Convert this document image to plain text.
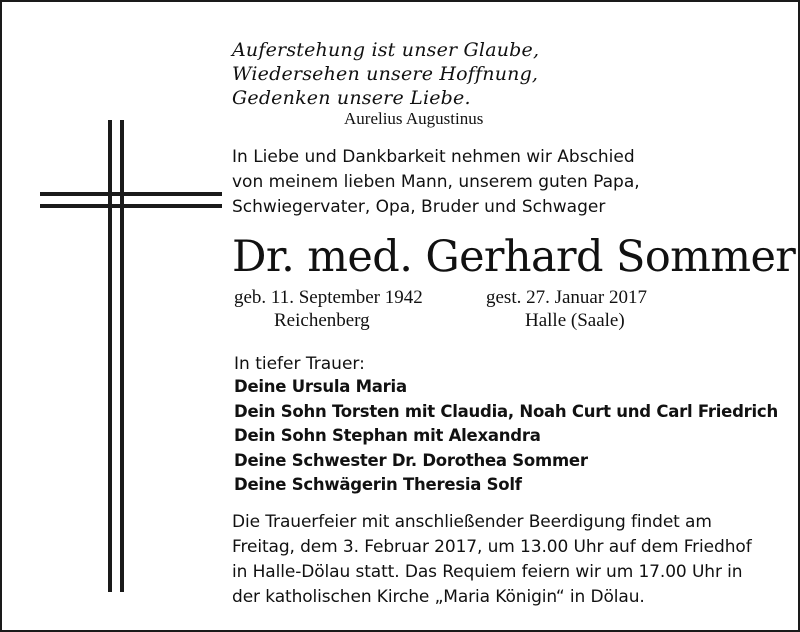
Auferstehung ist unser Glaube,
Wiedersehen unsere Hoffnung,
Gedenken unsere Liebe.
Aurelius Augustinus
In Liebe und Dankbarkeit nehmen wir Abschied
von meinem lieben Mann, unserem guten Papa,
Schwiegervater, Opa, Bruder und Schwager
Dr. med. Gerhard Sommer
geb. 11. September 1942
Reichenberg
gest. 27. Januar 2017
Halle (Saale)
In tiefer Trauer:
Deine Ursula Maria
Dein Sohn Torsten mit Claudia, Noah Curt und Carl Friedrich
Dein Sohn Stephan mit Alexandra
Deine Schwester Dr. Dorothea Sommer
Deine Schwägerin Theresia Solf
Die Trauerfeier mit anschließender Beerdigung findet am
Freitag, dem 3. Februar 2017, um 13.00 Uhr auf dem Friedhof
in Halle-Dölau statt. Das Requiem feiern wir um 17.00 Uhr in
der katholischen Kirche „Maria Königin“ in Dölau.
